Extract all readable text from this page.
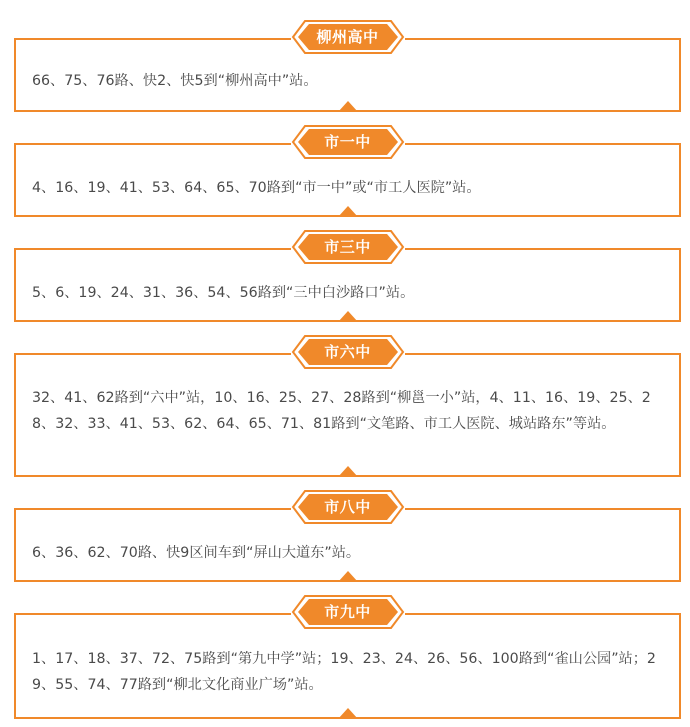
柳州高中
66、75、76路、快2、快5到“柳州高中”站。
市一中
4、16、19、41、53、64、65、70路到“市一中”或“市工人医院”站。
市三中
5、6、19、24、31、36、54、56路到“三中白沙路口”站。
市六中
32、41、62路到“六中”站，10、16、25、27、28路到“柳邕一小”站，4、11、16、19、25、28、32、33、41、53、62、64、65、71、81路到“文笔路、市工人医院、城站路东”等站。
市八中
6、36、62、70路、快9区间车到“屏山大道东”站。
市九中
1、17、18、37、72、75路到“第九中学”站；19、23、24、26、56、100路到“雀山公园”站；29、55、74、77路到“柳北文化商业广场”站。
